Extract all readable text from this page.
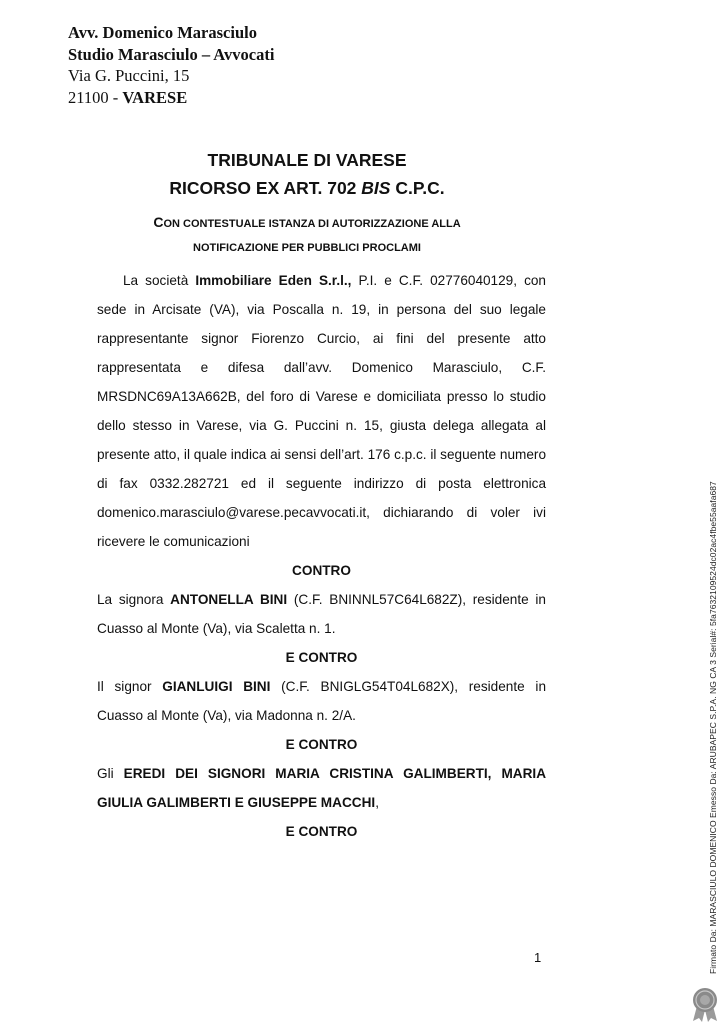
Avv. Domenico Marasciulo
Studio Marasciulo – Avvocati
Via G. Puccini, 15
21100 - VARESE
TRIBUNALE DI VARESE
RICORSO EX ART. 702 BIS C.P.C.
CON CONTESTUALE ISTANZA DI AUTORIZZAZIONE ALLA
NOTIFICAZIONE PER PUBBLICI PROCLAMI

La società Immobiliare Eden S.r.l., P.I. e C.F. 02776040129, con sede in Arcisate (VA), via Poscalla n. 19, in persona del suo legale rappresentante signor Fiorenzo Curcio, ai fini del presente atto rappresentata e difesa dall’avv. Domenico Marasciulo, C.F. MRSDNC69A13A662B, del foro di Varese e domiciliata presso lo studio dello stesso in Varese, via G. Puccini n. 15, giusta delega allegata al presente atto, il quale indica ai sensi dell’art. 176 c.p.c. il seguente numero di fax 0332.282721 ed il seguente indirizzo di posta elettronica domenico.marasciulo@varese.pecavvocati.it, dichiarando di voler ivi ricevere le comunicazioni

CONTRO

La signora ANTONELLA BINI (C.F. BNINNL57C64L682Z), residente in Cuasso al Monte (Va), via Scaletta n. 1.

E CONTRO

Il signor GIANLUIGI BINI (C.F. BNIGLG54T04L682X), residente in Cuasso al Monte (Va), via Madonna n. 2/A.

E CONTRO

Gli EREDI DEI SIGNORI MARIA CRISTINA GALIMBERTI, MARIA GIULIA GALIMBERTI E GIUSEPPE MACCHI,

E CONTRO

1	Firmato Da: MARASCIULO DOMENICO Emesso Da: ARUBAPEC S.P.A. NG CA 3 Serial#: 5fa7632109524dc02ac4fbe55aafa687
